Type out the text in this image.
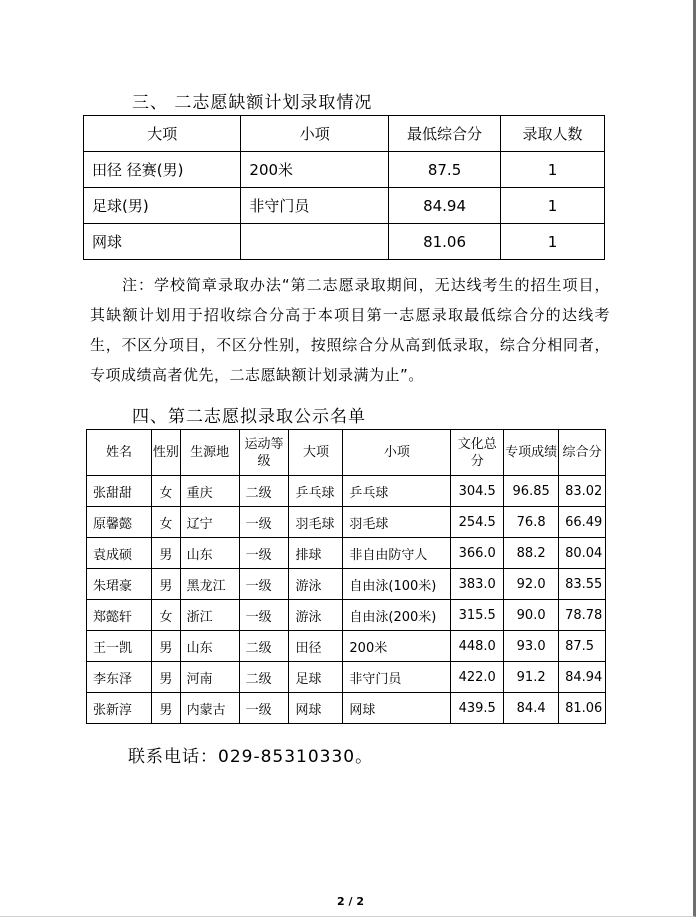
三、 二志愿缺额计划录取情况
大项	小项	最低综合分	录取人数
田径 径赛(男)	200米	87.5	1
足球(男)	非守门员	84.94	1
网球		81.06	1
注：学校简章录取办法“第二志愿录取期间，无达线考生的招生项目，其缺额计划用于招收综合分高于本项目第一志愿录取最低综合分的达线考生，不区分项目，不区分性别，按照综合分从高到低录取，综合分相同者，专项成绩高者优先，二志愿缺额计划录满为止”。
四、第二志愿拟录取公示名单
姓名	性别	生源地	运动等级	大项	小项	文化总分	专项成绩	综合分
张甜甜	女	重庆	二级	乒乓球	乒乓球	304.5	96.85	83.02
原馨懿	女	辽宁	一级	羽毛球	羽毛球	254.5	76.8	66.49
袁成硕	男	山东	一级	排球	非自由防守人	366.0	88.2	80.04
朱珺豪	男	黑龙江	一级	游泳	自由泳(100米)	383.0	92.0	83.55
郑懿轩	女	浙江	一级	游泳	自由泳(200米)	315.5	90.0	78.78
王一凯	男	山东	二级	田径	200米	448.0	93.0	87.5
李东泽	男	河南	二级	足球	非守门员	422.0	91.2	84.94
张新淳	男	内蒙古	一级	网球	网球	439.5	84.4	81.06
联系电话：029-85310330。
2 / 2
